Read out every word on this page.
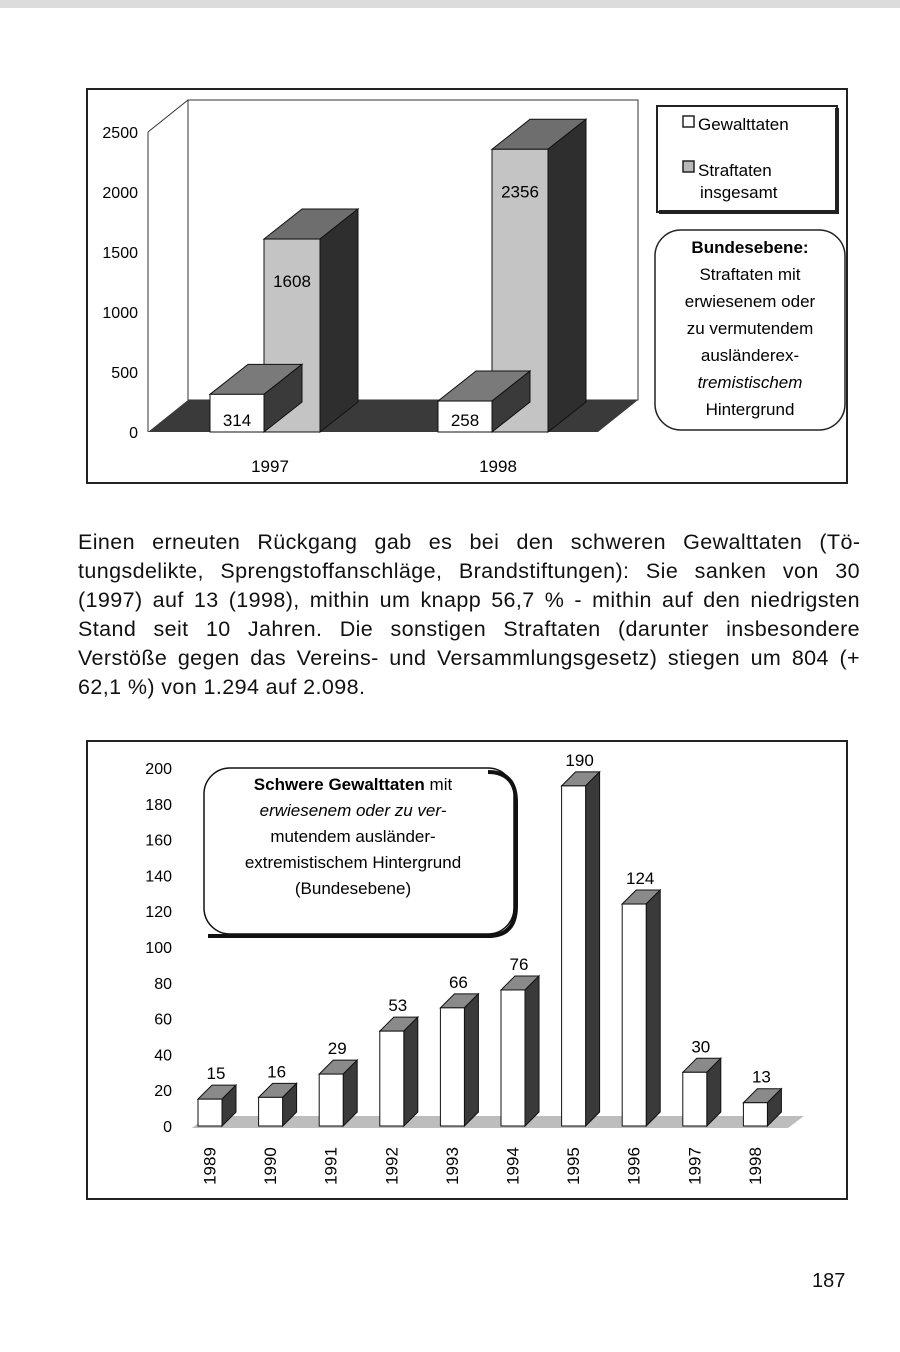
0
500
1000
1500
2000
2500
314
1608
258
2356
1997	1998
Gewalttaten
Straftaten
insgesamt
Bundesebene:
Straftaten mit
erwiesenem oder
zu vermutendem
ausländerex-
tremistischem
Hintergrund
Einen erneuten Rückgang gab es bei den schweren Gewalttaten (Tötungsdelikte, Sprengstoffanschläge, Brandstiftungen): Sie sanken von 30 (1997) auf 13 (1998), mithin um knapp 56,7 % - mithin auf den niedrigsten Stand seit 10 Jahren. Die sonstigen Straftaten (darunter insbesondere Verstöße gegen das Vereins- und Versammlungsgesetz) stiegen um 804 (+ 62,1 %) von 1.294 auf 2.098.
0
20
40
60
80
100
120
140
160
180
200
15 16
29
53
66
76
190
124
30
13
1989 1990 1991 1992 1993 1994 1995 1996 1997 1998
Schwere Gewalttaten mit
erwiesenem oder zu ver-
mutendem ausländer-
extremistischem Hintergrund
(Bundesebene)
187
